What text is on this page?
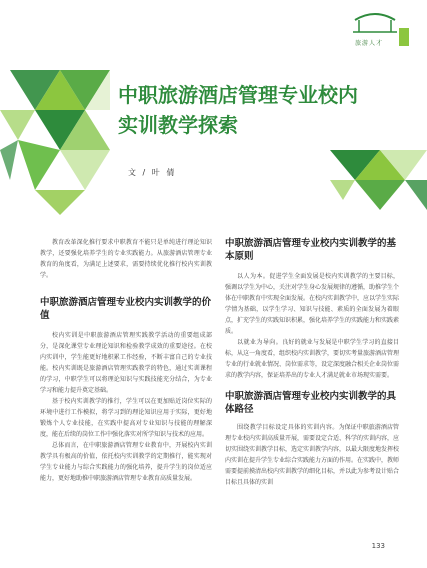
旅游人才
中职旅游酒店管理专业校内
实训教学探索
文 / 叶 倩

教育改革深化推行要求中职教育不能只是单纯进行理论知识教学，还要强化培养学生的专业实践能力。从旅游酒店管理专业教育的角度看，为满足上述要求，需要持续优化推行校内实训教学。

中职旅游酒店管理专业校内实训教学的价值

校内实训是中职旅游酒店管理实践教学活动的重要组成部分，是深化课堂专业理论知识和检验教学成效的重要途径。在校内实训中，学生能更好地积累工作经验，不断丰富自己的专业技能。校内实训既是旅游酒店管理实践教学的特色，通过实训课程的学习，中职学生可以将理论知识与实践技能充分结合，为专业学习和能力提升奠定基础。

基于校内实训教学的推行，学生可以在更加贴近岗位实际的环境中进行工作模拟，将学习到的理论知识应用于实际，更好地锻炼个人专业技能，在实践中提高对专业知识与技能的理解深度，能在后续的岗位工作中强化落实对所学知识与技术的应用。

总体而言，在中职旅游酒店管理专业教育中，开展校内实训教学具有极高的价值，依托校内实训教学的定期推行，能实现对学生专业能力与综合实践能力的强化培养，提升学生的岗位适应能力，更好地助推中职旅游酒店管理专业教育高质量发展。

中职旅游酒店管理专业校内实训教学的基本原则

以人为本。促进学生全面发展是校内实训教学的主要目标，强调以学生为中心，关注对学生身心发展规律的遵循，助推学生个体在中职教育中实现全面发展。在校内实训教学中，应以学生实际学情为基础，以学生学习、知识与技能、素质的全面发展为着眼点，扩充学生的实践知识积累，强化培养学生的实践能力和实践素质。

以就业为导向。良好的就业与发展是中职学生学习的直接目标，从这一角度看，组织校内实训教学，要切实考量旅游酒店管理专业的行业就业情况、岗位需求等，设定深度融合相关企业岗位需求的教学内容，保证培养出的专业人才满足就业市场现实需要。

中职旅游酒店管理专业校内实训教学的具体路径

围绕教学目标设定具体的实训内容。为保证中职旅游酒店管理专业校内实训高质量开展，需要设定合适、科学的实训内容，应切实围绕实训教学目标，选定实训教学内容，以最大限度地发挥校内实训在提升学生专业综合实践能力方面的作用。在实践中，教师需要提前摸清出校内实训教学的细化目标，并以此为参考设计贴合目标且具体的实训

133
